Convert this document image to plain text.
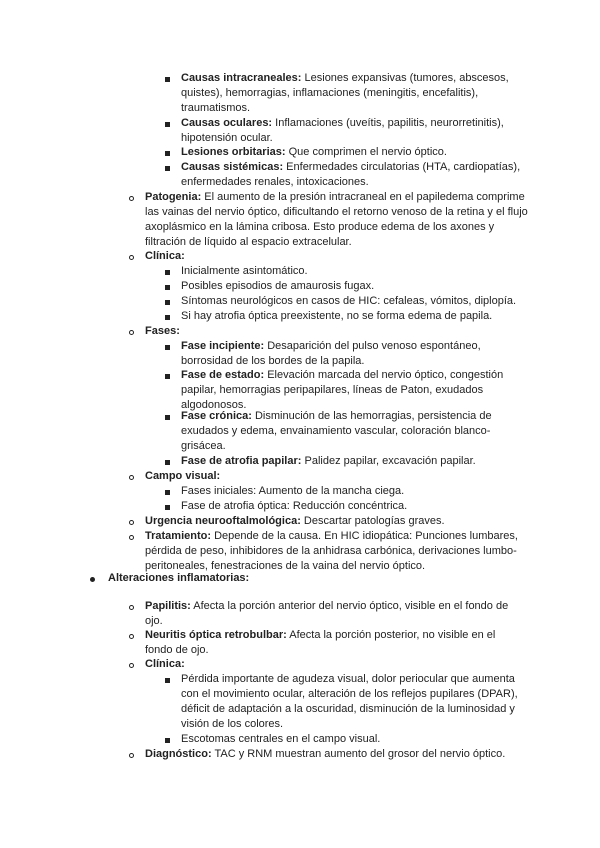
Causas intracraneales: Lesiones expansivas (tumores, abscesos, quistes), hemorragias, inflamaciones (meningitis, encefalitis), traumatismos.
Causas oculares: Inflamaciones (uveítis, papilitis, neurorretinitis), hipotensión ocular.
Lesiones orbitarias: Que comprimen el nervio óptico.
Causas sistémicas: Enfermedades circulatorias (HTA, cardiopatías), enfermedades renales, intoxicaciones.
Patogenia: El aumento de la presión intracraneal en el papiledema comprime las vainas del nervio óptico, dificultando el retorno venoso de la retina y el flujo axoplásmico en la lámina cribosa. Esto produce edema de los axones y filtración de líquido al espacio extracelular.
Clínica:
Inicialmente asintomático.
Posibles episodios de amaurosis fugax.
Síntomas neurológicos en casos de HIC: cefaleas, vómitos, diplopía.
Si hay atrofia óptica preexistente, no se forma edema de papila.
Fases:
Fase incipiente: Desaparición del pulso venoso espontáneo, borrosidad de los bordes de la papila.
Fase de estado: Elevación marcada del nervio óptico, congestión papilar, hemorragias peripapilares, líneas de Paton, exudados algodonosos.
Fase crónica: Disminución de las hemorragias, persistencia de exudados y edema, envainamiento vascular, coloración blanco-grisácea.
Fase de atrofia papilar: Palidez papilar, excavación papilar.
Campo visual:
Fases iniciales: Aumento de la mancha ciega.
Fase de atrofia óptica: Reducción concéntrica.
Urgencia neurooftalmológica: Descartar patologías graves.
Tratamiento: Depende de la causa. En HIC idiopática: Punciones lumbares, pérdida de peso, inhibidores de la anhidrasa carbónica, derivaciones lumbo-peritoneales, fenestraciones de la vaina del nervio óptico.
Alteraciones inflamatorias:
Papilitis: Afecta la porción anterior del nervio óptico, visible en el fondo de ojo.
Neuritis óptica retrobulbar: Afecta la porción posterior, no visible en el fondo de ojo.
Clínica:
Pérdida importante de agudeza visual, dolor periocular que aumenta con el movimiento ocular, alteración de los reflejos pupilares (DPAR), déficit de adaptación a la oscuridad, disminución de la luminosidad y visión de los colores.
Escotomas centrales en el campo visual.
Diagnóstico: TAC y RNM muestran aumento del grosor del nervio óptico.
